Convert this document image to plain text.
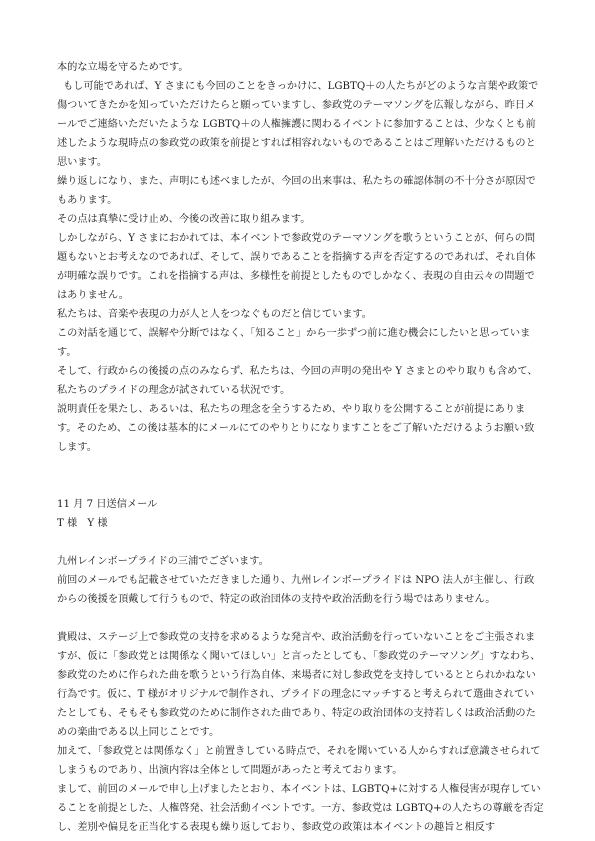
本的な立場を守るためです。

もし可能であれば、Y さまにも今回のことをきっかけに、LGBTQ＋の人たちがどのような言葉や政策で傷ついてきたかを知っていただけたらと願っていますし、参政党のテーマソングを広報しながら、昨日メールでご連絡いただいたような LGBTQ＋の人権擁護に関わるイベントに参加することは、少なくとも前述したような現時点の参政党の政策を前提とすれば相容れないものであることはご理解いただけるものと思います。

繰り返しになり、また、声明にも述べましたが、今回の出来事は、私たちの確認体制の不十分さが原因でもあります。

その点は真摯に受け止め、今後の改善に取り組みます。

しかしながら、Y さまにおかれては、本イベントで参政党のテーマソングを歌うということが、何らの問題もないとお考えなのであれば、そして、誤りであることを指摘する声を否定するのであれば、それ自体が明確な誤りです。これを指摘する声は、多様性を前提としたものでしかなく、表現の自由云々の問題ではありません。

私たちは、音楽や表現の力が人と人をつなぐものだと信じています。

この対話を通じて、誤解や分断ではなく、「知ること」から一歩ずつ前に進む機会にしたいと思っています。

そして、行政からの後援の点のみならず、私たちは、今回の声明の発出や Y さまとのやり取りも含めて、私たちのプライドの理念が試されている状況です。

説明責任を果たし、あるいは、私たちの理念を全うするため、やり取りを公開することが前提にあります。そのため、この後は基本的にメールにてのやりとりになりますことをご了解いただけるようお願い致します。

11 月 7 日送信メール

T 様　Y 様

九州レインボープライドの三浦でございます。

前回のメールでも記載させていただきました通り、九州レインボープライドは NPO 法人が主催し、行政からの後援を頂戴して行うもので、特定の政治団体の支持や政治活動を行う場ではありません。

貴殿は、ステージ上で参政党の支持を求めるような発言や、政治活動を行っていないことをご主張されますが、仮に「参政党とは関係なく聞いてほしい」と言ったとしても、「参政党のテーマソング」すなわち、参政党のために作られた曲を歌うという行為自体、来場者に対し参政党を支持しているととられかねない行為です。仮に、T 様がオリジナルで制作され、プライドの理念にマッチすると考えられて選曲されていたとしても、そもそも参政党のために制作された曲であり、特定の政治団体の支持若しくは政治活動のための楽曲である以上同じことです。

加えて、「参政党とは関係なく」と前置きしている時点で、それを聞いている人からすれば意識させられてしまうものであり、出演内容は全体として問題があったと考えております。

まして、前回のメールで申し上げましたとおり、本イベントは、LGBTQ+に対する人権侵害が現存していることを前提とした、人権啓発、社会活動イベントです。一方、参政党は LGBTQ+の人たちの尊厳を否定し、差別や偏見を正当化する表現も繰り返しており、参政党の政策は本イベントの趣旨と相反す
